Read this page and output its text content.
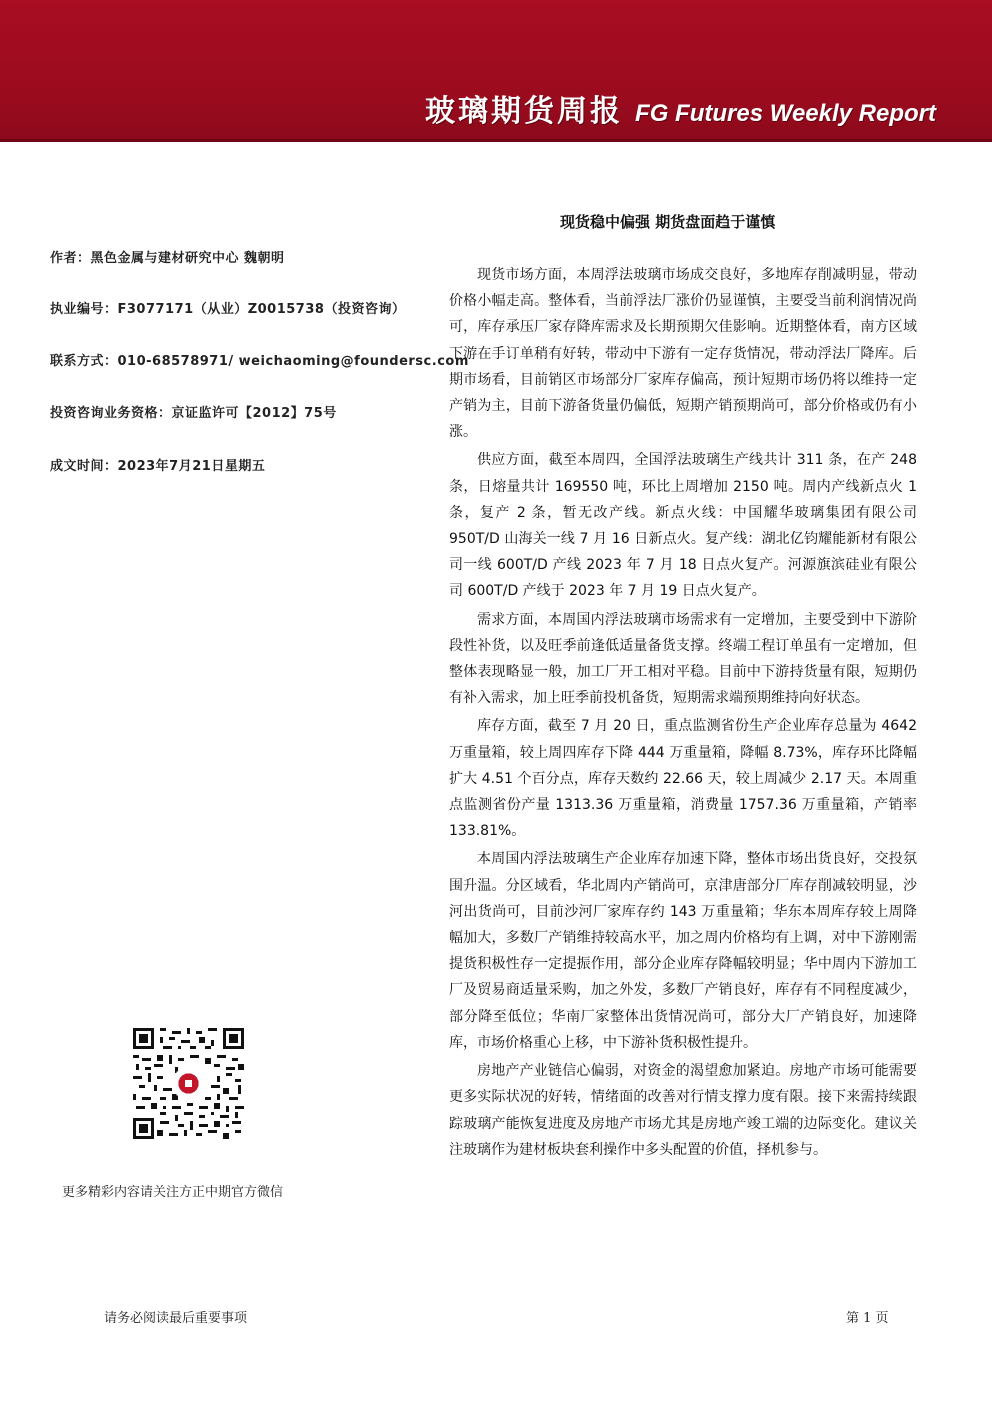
玻璃期货周报 FG Futures Weekly Report
作者：黑色金属与建材研究中心 魏朝明
执业编号：F3077171（从业）Z0015738（投资咨询）
联系方式：010-68578971/ weichaoming@foundersc.com
投资咨询业务资格：京证监许可【2012】75号
成文时间：2023年7月21日星期五
现货稳中偏强 期货盘面趋于谨慎

现货市场方面，本周浮法玻璃市场成交良好，多地库存削减明显，带动价格小幅走高。整体看，当前浮法厂涨价仍显谨慎，主要受当前利润情况尚可，库存承压厂家存降库需求及长期预期欠佳影响。近期整体看，南方区域下游在手订单稍有好转，带动中下游有一定存货情况，带动浮法厂降库。后期市场看，目前销区市场部分厂家库存偏高，预计短期市场仍将以维持一定产销为主，目前下游备货量仍偏低，短期产销预期尚可，部分价格或仍有小涨。

供应方面，截至本周四，全国浮法玻璃生产线共计 311 条，在产 248 条，日熔量共计 169550 吨，环比上周增加 2150 吨。周内产线新点火 1 条，复产 2 条，暂无改产线。新点火线：中国耀华玻璃集团有限公司 950T/D 山海关一线 7 月 16 日新点火。复产线：湖北亿钧耀能新材有限公司一线 600T/D 产线 2023 年 7 月 18 日点火复产。河源旗滨硅业有限公司 600T/D 产线于 2023 年 7 月 19 日点火复产。

需求方面，本周国内浮法玻璃市场需求有一定增加，主要受到中下游阶段性补货，以及旺季前逢低适量备货支撑。终端工程订单虽有一定增加，但整体表现略显一般，加工厂开工相对平稳。目前中下游持货量有限，短期仍有补入需求，加上旺季前投机备货，短期需求端预期维持向好状态。

库存方面，截至 7 月 20 日，重点监测省份生产企业库存总量为 4642 万重量箱，较上周四库存下降 444 万重量箱，降幅 8.73%，库存环比降幅扩大 4.51 个百分点，库存天数约 22.66 天，较上周减少 2.17 天。本周重点监测省份产量 1313.36 万重量箱，消费量 1757.36 万重量箱，产销率 133.81%。

本周国内浮法玻璃生产企业库存加速下降，整体市场出货良好，交投氛围升温。分区域看，华北周内产销尚可，京津唐部分厂库存削减较明显，沙河出货尚可，目前沙河厂家库存约 143 万重量箱；华东本周库存较上周降幅加大，多数厂产销维持较高水平，加之周内价格均有上调，对中下游刚需提货积极性存一定提振作用，部分企业库存降幅较明显；华中周内下游加工厂及贸易商适量采购，加之外发，多数厂产销良好，库存有不同程度减少，部分降至低位；华南厂家整体出货情况尚可，部分大厂产销良好，加速降库，市场价格重心上移，中下游补货积极性提升。

房地产产业链信心偏弱，对资金的渴望愈加紧迫。房地产市场可能需要更多实际状况的好转，情绪面的改善对行情支撑力度有限。接下来需持续跟踪玻璃产能恢复进度及房地产市场尤其是房地产竣工端的边际变化。建议关注玻璃作为建材板块套利操作中多头配置的价值，择机参与。

更多精彩内容请关注方正中期官方微信
请务必阅读最后重要事项	第 1 页
